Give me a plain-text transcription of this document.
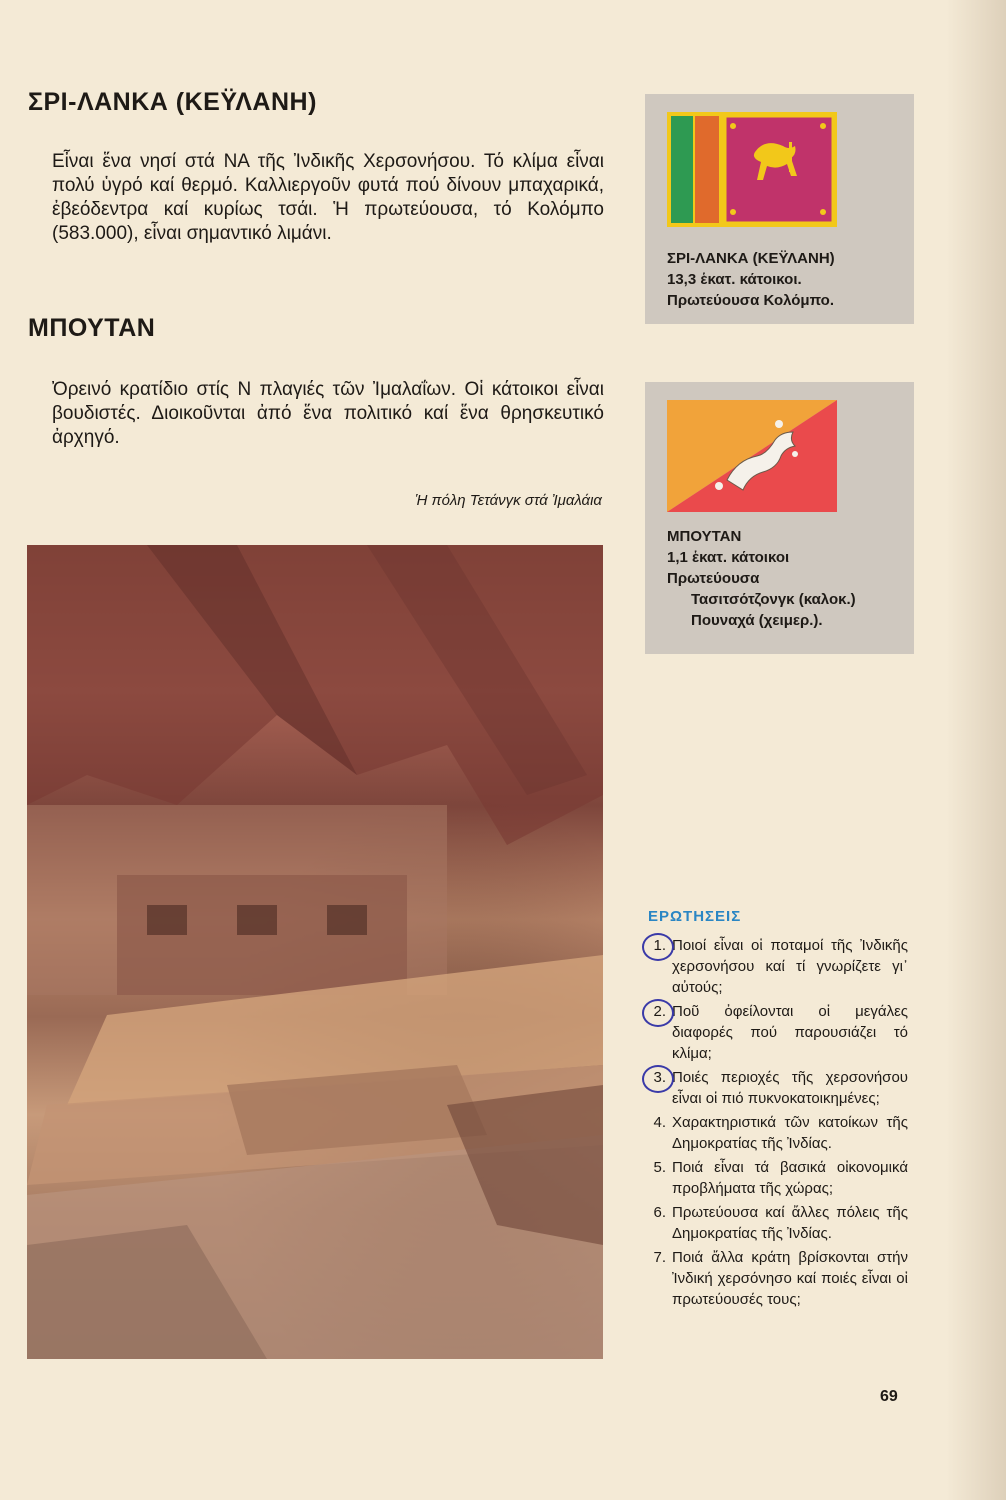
ΣΡΙ-ΛΑΝΚΑ (ΚΕΫΛΑΝΗ)

Εἶναι ἕνα νησί στά ΝΑ τῆς Ἰνδικῆς Χερσονήσου. Τό κλίμα εἶναι πολύ ὑγρό καί θερμό. Καλλιεργοῦν φυτά πού δίνουν μπαχαρικά, ἐβεόδεντρα καί κυρίως τσάι. Ἡ πρωτεύουσα, τό Κολόμπο (583.000), εἶναι σημαντικό λιμάνι.

ΜΠΟΥΤΑΝ

Ὀρεινό κρατίδιο στίς Ν πλαγιές τῶν Ἰμαλαΐων. Οἱ κάτοικοι εἶναι βουδιστές. Διοικοῦνται ἀπό ἕνα πολιτικό καί ἕνα θρησκευτικό ἀρχηγό.

Ἡ πόλη Τετάνγκ στά Ἰμαλάια

ΣΡΙ-ΛΑΝΚΑ (ΚΕΫΛΑΝΗ)
13,3 ἑκατ. κάτοικοι.
Πρωτεύουσα Κολόμπο.

ΜΠΟΥΤΑΝ
1,1 ἑκατ. κάτοικοι
Πρωτεύουσα
Τασιτσότζονγκ (καλοκ.)
Πουναχά (χειμερ.).

ΕΡΩΤΗΣΕΙΣ

1. Ποιοί εἶναι οἱ ποταμοί τῆς Ἰνδικῆς χερσονήσου καί τί γνωρίζετε γι᾽ αὐτούς;
2. Ποῦ ὀφείλονται οἱ μεγάλες διαφορές πού παρουσιάζει τό κλίμα;
3. Ποιές περιοχές τῆς χερσονήσου εἶναι οἱ πιό πυκνοκατοικημένες;
4. Χαρακτηριστικά τῶν κατοίκων τῆς Δημοκρατίας τῆς Ἰνδίας.
5. Ποιά εἶναι τά βασικά οἰκονομικά προβλήματα τῆς χώρας;
6. Πρωτεύουσα καί ἄλλες πόλεις τῆς Δημοκρατίας τῆς Ἰνδίας.
7. Ποιά ἄλλα κράτη βρίσκονται στήν Ἰνδική χερσόνησο καί ποιές εἶναι οἱ πρωτεύουσές τους;
69
